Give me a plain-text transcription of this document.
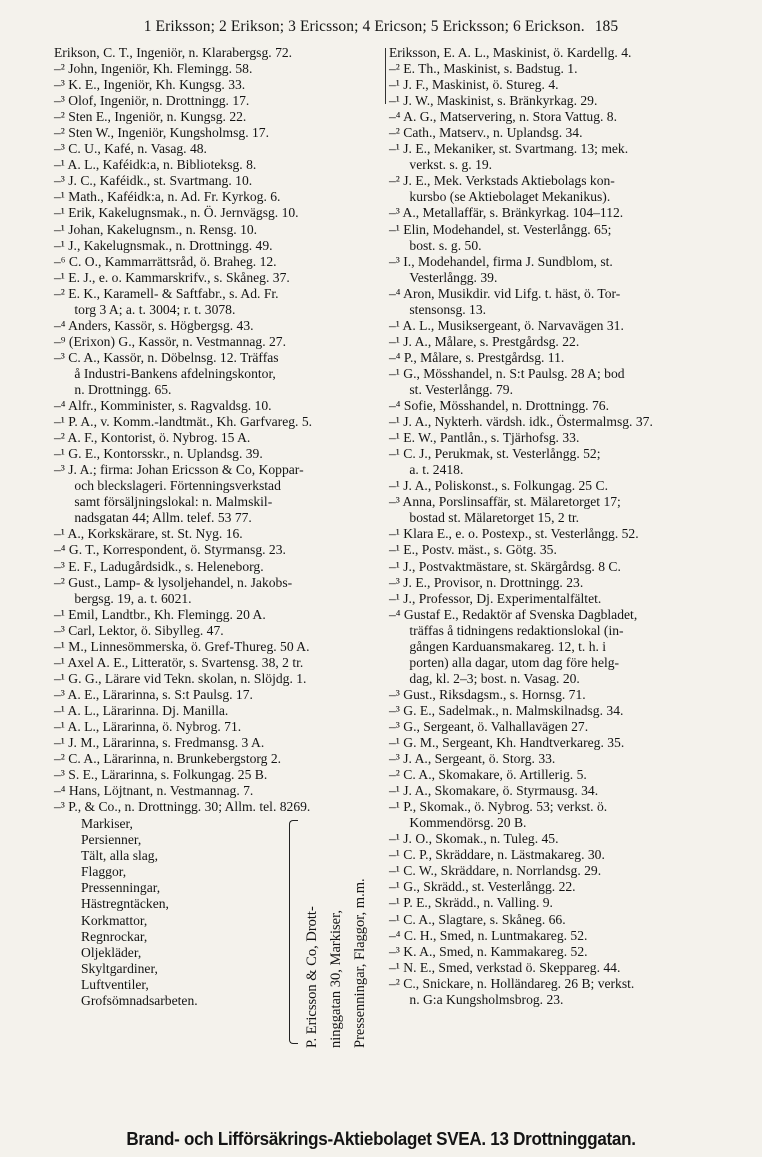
1 Eriksson; 2 Erikson; 3 Ericsson; 4 Ericson; 5 Ericksson; 6 Erickson. 185
Erikson, C. T., Ingeniör, n. Klarabergsg. 72.
–² John, Ingeniör, Kh. Flemingg. 58.
–³ K. E., Ingeniör, Kh. Kungsg. 33.
–³ Olof, Ingeniör, n. Drottningg. 17.
–² Sten E., Ingeniör, n. Kungsg. 22.
–² Sten W., Ingeniör, Kungsholmsg. 17.
–³ C. U., Kafé, n. Vasag. 48.
–¹ A. L., Kaféidk:a, n. Biblioteksg. 8.
–³ J. C., Kaféidk., st. Svartmang. 10.
–¹ Math., Kaféidk:a, n. Ad. Fr. Kyrkog. 6.
–¹ Erik, Kakelugnsmak., n. Ö. Jernvägsg. 10.
–¹ Johan, Kakelugnsm., n. Rensg. 10.
–¹ J., Kakelugnsmak., n. Drottningg. 49.
–⁶ C. O., Kammarrättsråd, ö. Braheg. 12.
–¹ E. J., e. o. Kammarskrifv., s. Skåneg. 37.
–² E. K., Karamell- & Saftfabr., s. Ad. Fr.
  torg 3 A; a. t. 3004; r. t. 3078.
–⁴ Anders, Kassör, s. Högbergsg. 43.
–⁹ (Erixon) G., Kassör, n. Vestmannag. 27.
–³ C. A., Kassör, n. Döbelnsg. 12. Träffas
  å Industri-Bankens afdelningskontor,
  n. Drottningg. 65.
–⁴ Alfr., Komminister, s. Ragvaldsg. 10.
–¹ P. A., v. Komm.-landtmät., Kh. Garfvareg. 5.
–² A. F., Kontorist, ö. Nybrog. 15 A.
–¹ G. E., Kontorsskr., n. Uplandsg. 39.
–³ J. A.; firma: Johan Ericsson & Co, Koppar-
  och bleckslageri. Förtenningsverkstad
  samt försäljningslokal: n. Malmskil-
  nadsgatan 44; Allm. telef. 53 77.
–¹ A., Korkskärare, st. St. Nyg. 16.
–⁴ G. T., Korrespondent, ö. Styrmansg. 23.
–³ E. F., Ladugårdsidk., s. Heleneborg.
–² Gust., Lamp- & lysoljehandel, n. Jakobs-
  bergsg. 19, a. t. 6021.
–¹ Emil, Landtbr., Kh. Flemingg. 20 A.
–³ Carl, Lektor, ö. Sibylleg. 47.
–¹ M., Linnesömmerska, ö. Gref-Thureg. 50 A.
–¹ Axel A. E., Litteratör, s. Svartensg. 38, 2 tr.
–¹ G. G., Lärare vid Tekn. skolan, n. Slöjdg. 1.
–³ A. E., Lärarinna, s. S:t Paulsg. 17.
–¹ A. L., Lärarinna. Dj. Manilla.
–¹ A. L., Lärarinna, ö. Nybrog. 71.
–¹ J. M., Lärarinna, s. Fredmansg. 3 A.
–² C. A., Lärarinna, n. Brunkebergstorg 2.
–³ S. E., Lärarinna, s. Folkungag. 25 B.
–⁴ Hans, Löjtnant, n. Vestmannag. 7.
–³ P., & Co., n. Drottningg. 30; Allm. tel. 8269.
Markiser,
Persienner,
Tält, alla slag,
Flaggor,
Pressenningar,
Hästregntäcken,
Korkmattor,
Regnrockar,
Oljekläder,
Skyltgardiner,
Luftventiler,
Grofsömnadsarbeten.	P. Ericsson & Co, Drott- ninggatan 30, Markiser, Pressenningar, Flaggor, m.m.
Eriksson, E. A. L., Maskinist, ö. Kardellg. 4.
–² E. Th., Maskinist, s. Badstug. 1.
–¹ J. F., Maskinist, ö. Stureg. 4.
–¹ J. W., Maskinist, s. Bränkyrkag. 29.
–⁴ A. G., Matservering, n. Stora Vattug. 8.
–² Cath., Matserv., n. Uplandsg. 34.
–¹ J. E., Mekaniker, st. Svartmang. 13; mek.
  verkst. s. g. 19.
–² J. E., Mek. Verkstads Aktiebolags kon-
  kursbo (se Aktiebolaget Mekanikus).
–³ A., Metallaffär, s. Bränkyrkag. 104–112.
–¹ Elin, Modehandel, st. Vesterlångg. 65;
  bost. s. g. 50.
–³ I., Modehandel, firma J. Sundblom, st.
  Vesterlångg. 39.
–⁴ Aron, Musikdir. vid Lifg. t. häst, ö. Tor-
  stensonsg. 13.
–¹ A. L., Musiksergeant, ö. Narvavägen 31.
–¹ J. A., Målare, s. Prestgårdsg. 22.
–⁴ P., Målare, s. Prestgårdsg. 11.
–¹ G., Mösshandel, n. S:t Paulsg. 28 A; bod
  st. Vesterlångg. 79.
–⁴ Sofie, Mösshandel, n. Drottningg. 76.
–¹ J. A., Nykterh. värdsh. idk., Östermalmsg. 37.
–¹ E. W., Pantlån., s. Tjärhofsg. 33.
–¹ C. J., Perukmak, st. Vesterlångg. 52;
  a. t. 2418.
–¹ J. A., Poliskonst., s. Folkungag. 25 C.
–³ Anna, Porslinsaffär, st. Mälaretorget 17;
  bostad st. Mälaretorget 15, 2 tr.
–¹ Klara E., e. o. Postexp., st. Vesterlångg. 52.
–¹ E., Postv. mäst., s. Götg. 35.
–¹ J., Postvaktmästare, st. Skärgårdsg. 8 C.
–³ J. E., Provisor, n. Drottningg. 23.
–¹ J., Professor, Dj. Experimentalfältet.
–⁴ Gustaf E., Redaktör af Svenska Dagbladet,
  träffas å tidningens redaktionslokal (in-
  gången Karduansmakareg. 12, t. h. i
  porten) alla dagar, utom dag före helg-
  dag, kl. 2–3; bost. n. Vasag. 20.
–³ Gust., Riksdagsm., s. Hornsg. 71.
–³ G. E., Sadelmak., n. Malmskilnadsg. 34.
–³ G., Sergeant, ö. Valhallavägen 27.
–¹ G. M., Sergeant, Kh. Handtverkareg. 35.
–³ J. A., Sergeant, ö. Storg. 33.
–² C. A., Skomakare, ö. Artillerig. 5.
–¹ J. A., Skomakare, ö. Styrmausg. 34.
–¹ P., Skomak., ö. Nybrog. 53; verkst. ö.
  Kommendörsg. 20 B.
–¹ J. O., Skomak., n. Tuleg. 45.
–¹ C. P., Skräddare, n. Lästmakareg. 30.
–¹ C. W., Skräddare, n. Norrlandsg. 29.
–¹ G., Skrädd., st. Vesterlångg. 22.
–¹ P. E., Skrädd., n. Valling. 9.
–¹ C. A., Slagtare, s. Skåneg. 66.
–⁴ C. H., Smed, n. Luntmakareg. 52.
–³ K. A., Smed, n. Kammakareg. 52.
–¹ N. E., Smed, verkstad ö. Skeppareg. 44.
–² C., Snickare, n. Holländareg. 26 B; verkst.
  n. G:a Kungsholmsbrog. 23.
Brand- och Lifförsäkrings-Aktiebolaget SVEA. 13 Drottninggatan.
